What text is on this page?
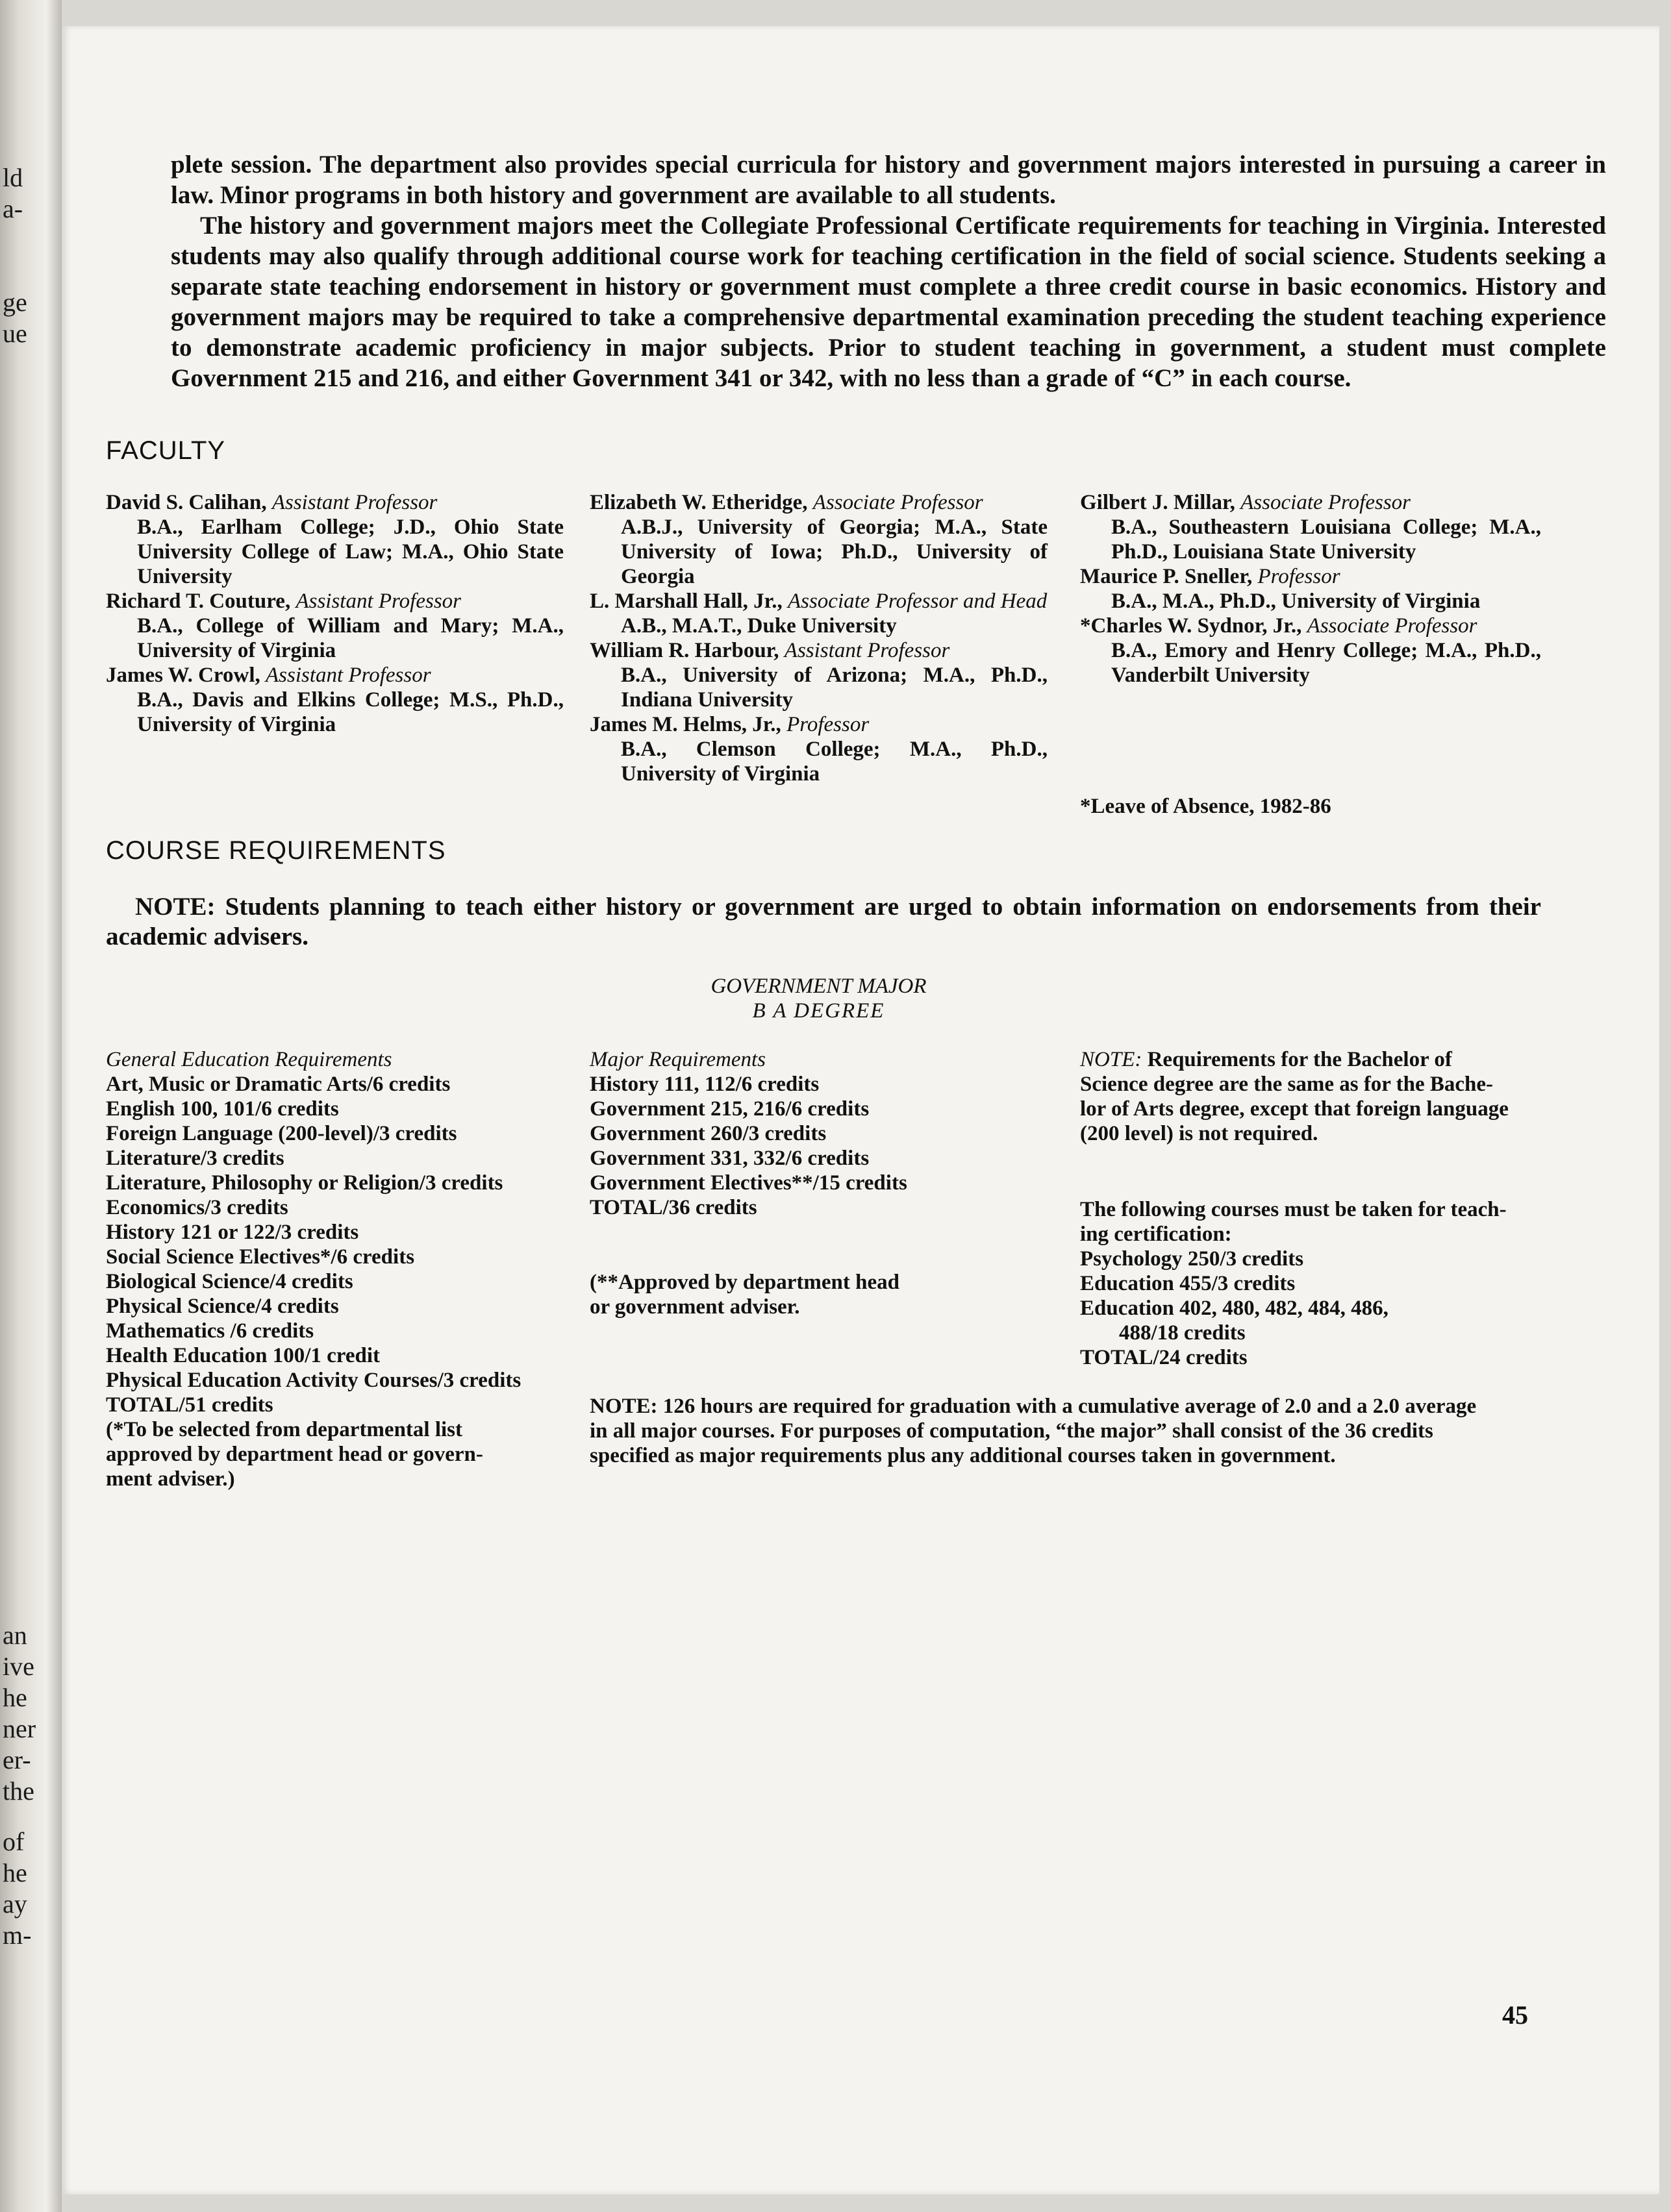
ld
a-
ge
ue
an
ive
he
ner
er-
the
of
he
ay
m-

plete session. The department also provides special curricula for history and government majors interested in pursuing a career in law. Minor programs in both history and government are available to all students.

The history and government majors meet the Collegiate Professional Certificate requirements for teaching in Virginia. Interested students may also qualify through additional course work for teaching certification in the field of social science. Students seeking a separate state teaching endorsement in history or government must complete a three credit course in basic economics. History and government majors may be required to take a comprehensive departmental examination preceding the student teaching experience to demonstrate academic proficiency in major subjects. Prior to student teaching in government, a student must complete Government 215 and 216, and either Government 341 or 342, with no less than a grade of “C” in each course.

FACULTY
David S. Calihan, Assistant Professor
B.A., Earlham College; J.D., Ohio State University College of Law; M.A., Ohio State University
Richard T. Couture, Assistant Professor
B.A., College of William and Mary; M.A., University of Virginia
James W. Crowl, Assistant Professor
B.A., Davis and Elkins College; M.S., Ph.D., University of Virginia
Elizabeth W. Etheridge, Associate Professor
A.B.J., University of Georgia; M.A., State University of Iowa; Ph.D., University of Georgia
L. Marshall Hall, Jr., Associate Professor and Head
A.B., M.A.T., Duke University
William R. Harbour, Assistant Professor
B.A., University of Arizona; M.A., Ph.D., Indiana University
James M. Helms, Jr., Professor
B.A., Clemson College; M.A., Ph.D., University of Virginia
Gilbert J. Millar, Associate Professor
B.A., Southeastern Louisiana College; M.A., Ph.D., Louisiana State University
Maurice P. Sneller, Professor
B.A., M.A., Ph.D., University of Virginia
*Charles W. Sydnor, Jr., Associate Professor
B.A., Emory and Henry College; M.A., Ph.D., Vanderbilt University
*Leave of Absence, 1982-86
COURSE REQUIREMENTS
NOTE: Students planning to teach either history or government are urged to obtain information on endorsements from their academic advisers.
GOVERNMENT MAJOR
B A DEGREE
General Education Requirements
Art, Music or Dramatic Arts/6 credits
English 100, 101/6 credits
Foreign Language (200-level)/3 credits
Literature/3 credits
Literature, Philosophy or Religion/3 credits
Economics/3 credits
History 121 or 122/3 credits
Social Science Electives*/6 credits
Biological Science/4 credits
Physical Science/4 credits
Mathematics /6 credits
Health Education 100/1 credit
Physical Education Activity Courses/3 credits
TOTAL/51 credits
(*To be selected from departmental list
approved by department head or govern-
ment adviser.)
Major Requirements
History 111, 112/6 credits
Government 215, 216/6 credits
Government 260/3 credits
Government 331, 332/6 credits
Government Electives**/15 credits
TOTAL/36 credits
(**Approved by department head
or government adviser.
NOTE: Requirements for the Bachelor of
Science degree are the same as for the Bache-
lor of Arts degree, except that foreign language
(200 level) is not required.
The following courses must be taken for teach-
ing certification:
Psychology 250/3 credits
Education 455/3 credits
Education 402, 480, 482, 484, 486,
488/18 credits
TOTAL/24 credits
NOTE: 126 hours are required for graduation with a cumulative average of 2.0 and a 2.0 average
in all major courses. For purposes of computation, “the major” shall consist of the 36 credits
specified as major requirements plus any additional courses taken in government.
45
